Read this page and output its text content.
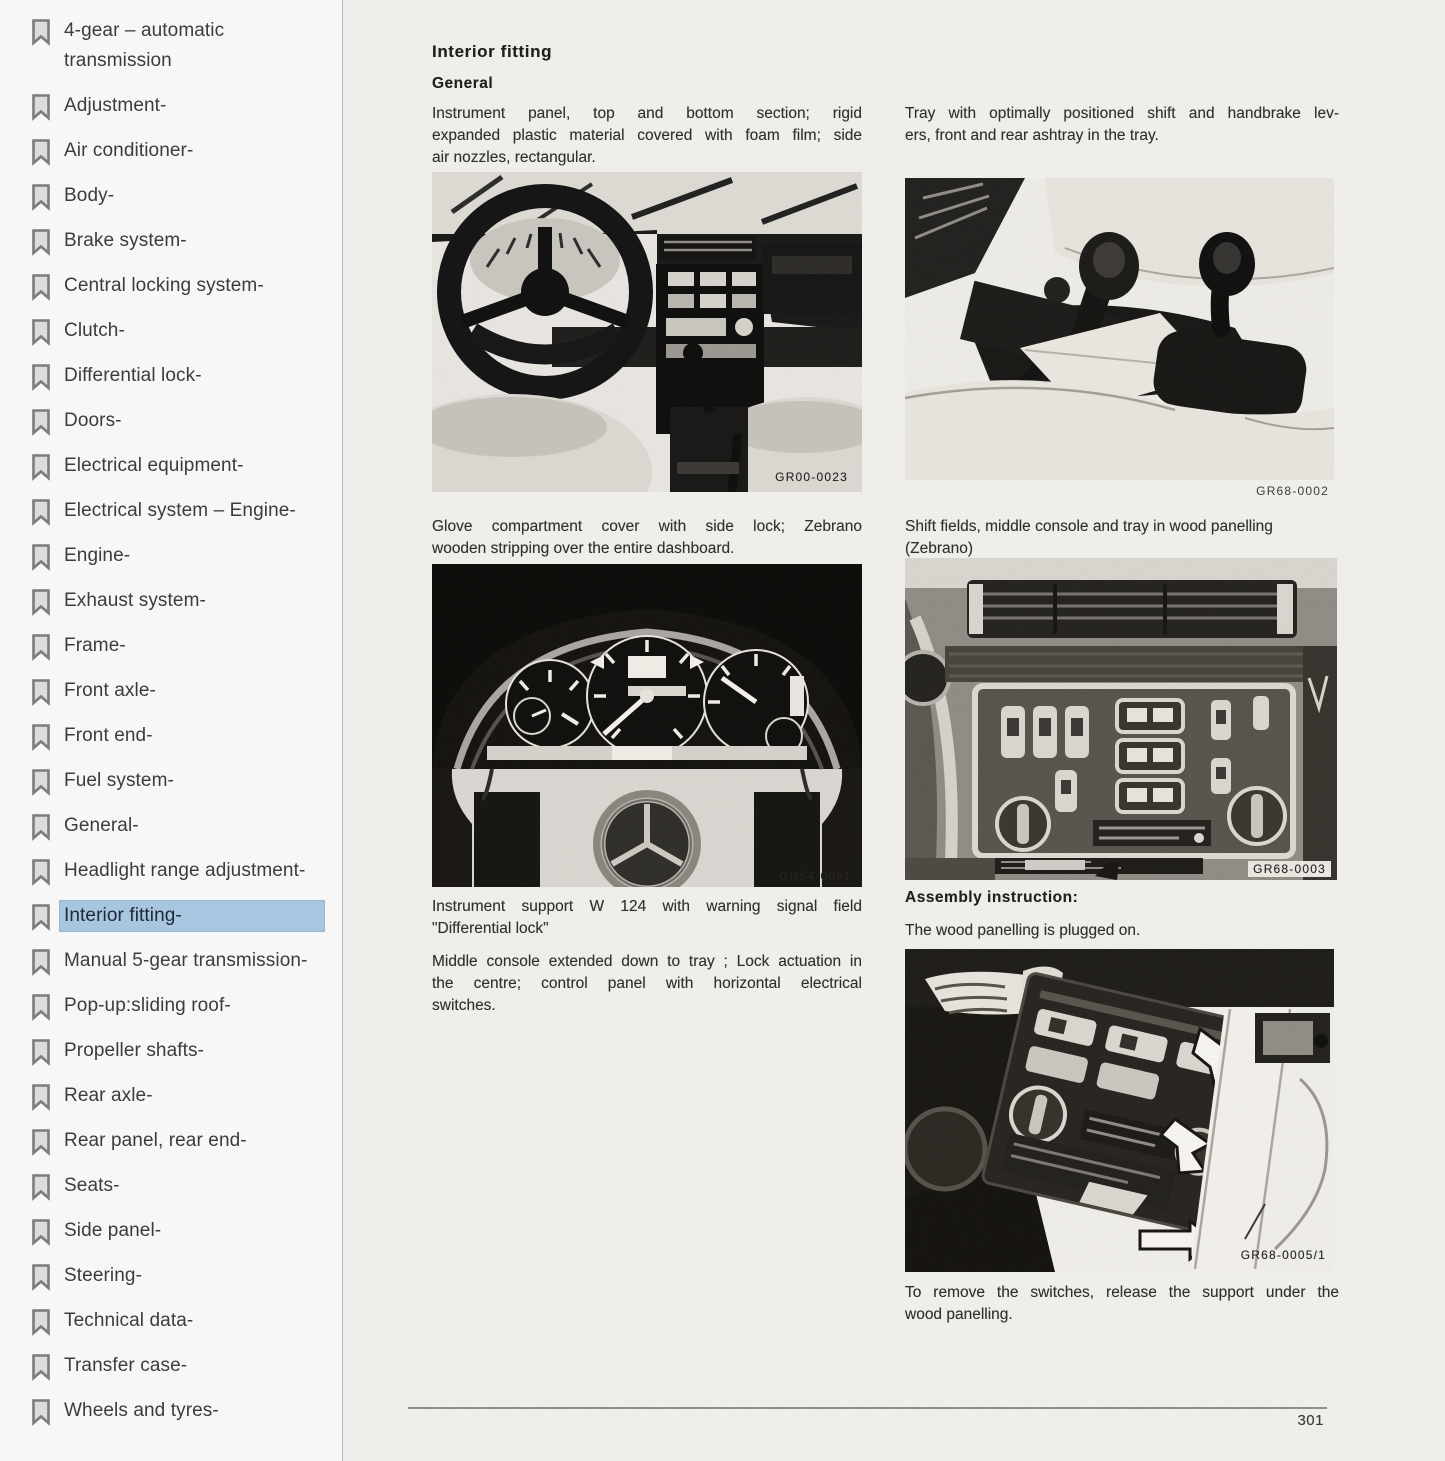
4-gear – automatic transmission
Adjustment-
Air conditioner-
Body-
Brake system-
Central locking system-
Clutch-
Differential lock-
Doors-
Electrical equipment-
Electrical system – Engine-
Engine-
Exhaust system-
Frame-
Front axle-
Front end-
Fuel system-
General-
Headlight range adjustment-
Interior fitting-
Manual 5-gear transmission-
Pop-up:sliding roof-
Propeller shafts-
Rear axle-
Rear panel, rear end-
Seats-
Side panel-
Steering-
Technical data-
Transfer case-
Wheels and tyres-
Interior fitting
General
Instrument panel, top and bottom section; rigid
expanded plastic material covered with foam film; side
air nozzles, rectangular.
Tray with optimally positioned shift and handbrake lev-
ers, front and rear ashtray in the tray.
GR00-0023
GR68-0002
Glove compartment cover with side lock; Zebrano
wooden stripping over the entire dashboard.
Shift fields, middle console and tray in wood panelling
(Zebrano)
GR54-0051	GR68-0003
Instrument support W 124 with warning signal field
"Differential lock"
Assembly instruction:
The wood panelling is plugged on.
Middle console extended down to tray ; Lock actuation in
the centre; control panel with horizontal electrical
switches.
GR68-0005/1
To remove the switches, release the support under the
wood panelling.
301
